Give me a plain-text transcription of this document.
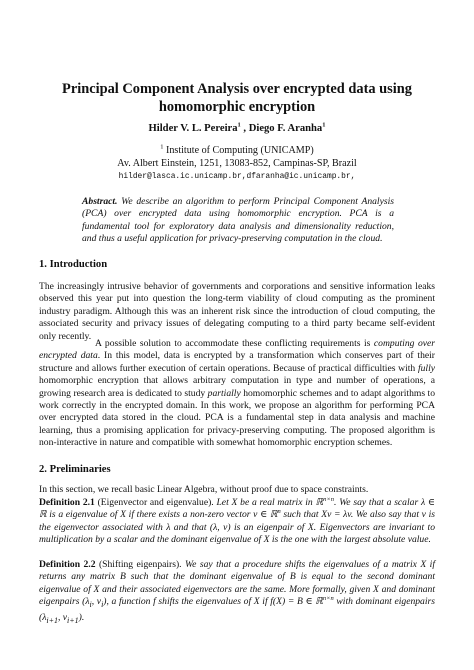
Principal Component Analysis over encrypted data using homomorphic encryption
Hilder V. L. Pereira$^1$ , Diego F. Aranha$^1$
$^1$ Institute of Computing (UNICAMP)
Av. Albert Einstein, 1251, 13083-852, Campinas-SP, Brazil
hilder@lasca.ic.unicamp.br,dfaranha@ic.unicamp.br,
Abstract. We describe an algorithm to perform Principal Component Analysis (PCA) over encrypted data using homomorphic encryption. PCA is a fundamental tool for exploratory data analysis and dimensionality reduction, and thus a useful application for privacy-preserving computation in the cloud.
1. Introduction

The increasingly intrusive behavior of governments and corporations and sensitive information leaks observed this year put into question the long-term viability of cloud computing as the prominent industry paradigm. Although this was an inherent risk since the introduction of cloud computing, the associated security and privacy issues of delegating computing to a third party became self-evident only recently.

A possible solution to accommodate these conflicting requirements is computing over encrypted data. In this model, data is encrypted by a transformation which conserves part of their structure and allows further execution of certain operations. Because of practical difficulties with fully homomorphic encryption that allows arbitrary computation in type and number of operations, a growing research area is dedicated to study partially homomorphic schemes and to adapt algorithms to work correctly in the encrypted domain. In this work, we propose an algorithm for performing PCA over encrypted data stored in the cloud. PCA is a fundamental step in data analysis and machine learning, thus a promising application for privacy-preserving computing. The proposed algorithm is non-interactive in nature and compatible with somewhat homomorphic encryption schemes.

2. Preliminaries

In this section, we recall basic Linear Algebra, without proof due to space constraints.

Definition 2.1 (Eigenvector and eigenvalue). Let X be a real matrix in ℝ$^{n\times n}$. We say that a scalar λ ∈ ℝ is a eigenvalue of X if there exists a non-zero vector v ∈ ℝ$^n$ such that Xv = λv. We also say that v is the eigenvector associated with λ and that (λ, v) is an eigenpair of X. Eigenvectors are invariant to multiplication by a scalar and the dominant eigenvalue of X is the one with the largest absolute value.

Definition 2.2 (Shifting eigenpairs). We say that a procedure shifts the eigenvalues of a matrix X if returns any matrix B such that the dominant eigenvalue of B is equal to the second dominant eigenvalue of X and their associated eigenvectors are the same. More formally, given X and dominant eigenpairs ($\lambda_i$, $v_i$), a function f shifts the eigenvalues of X if f(X) = B ∈ ℝ$^{n\times n}$ with dominant eigenpairs ($\lambda_{i+1}$, $v_{i+1}$).
